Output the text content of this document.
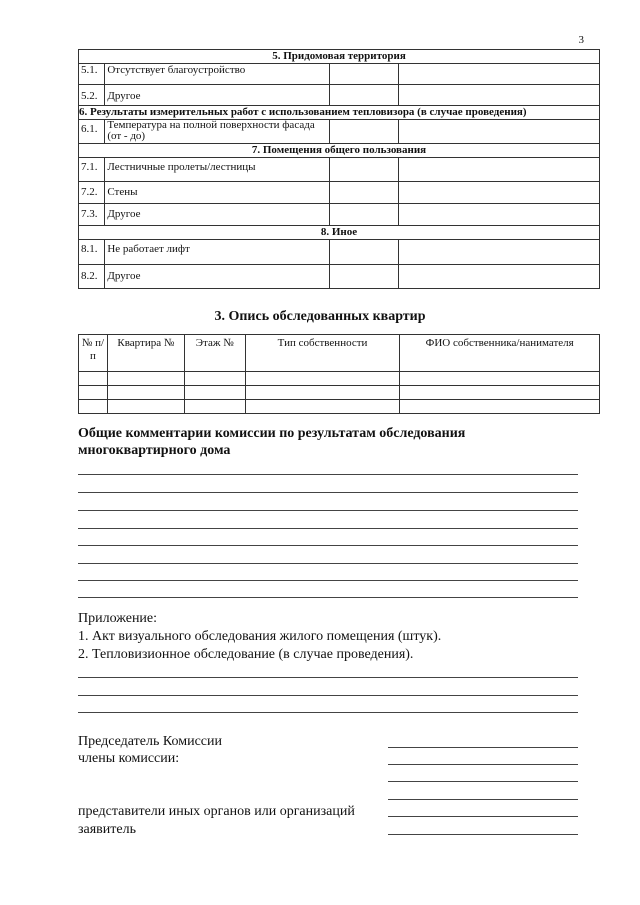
3
5. Придомовая территория			
5.1.	Отсутствует благоустройство		
5.2.	Другое		
6. Результаты измерительных работ с использованием тепловизора (в случае проведения)			
6.1.	Температура на полной поверхности фасада (от - до)		
7. Помещения общего пользования			
7.1.	Лестничные пролеты/лестницы		
7.2.	Стены		
7.3.	Другое		
8. Иное			
8.1.	Не работает лифт		
8.2.	Другое		
3. Опись обследованных квартир
№ п/п	Квартира №	Этаж №	Тип собственности	ФИО собственника/нанимателя

Общие комментарии комиссии по результатам обследования многоквартирного дома
Приложение:
1. Акт визуального обследования жилого помещения (штук).
2. Тепловизионное обследование (в случае проведения).
Председатель Комиссии
члены комиссии:
представители иных органов или организаций
заявитель
